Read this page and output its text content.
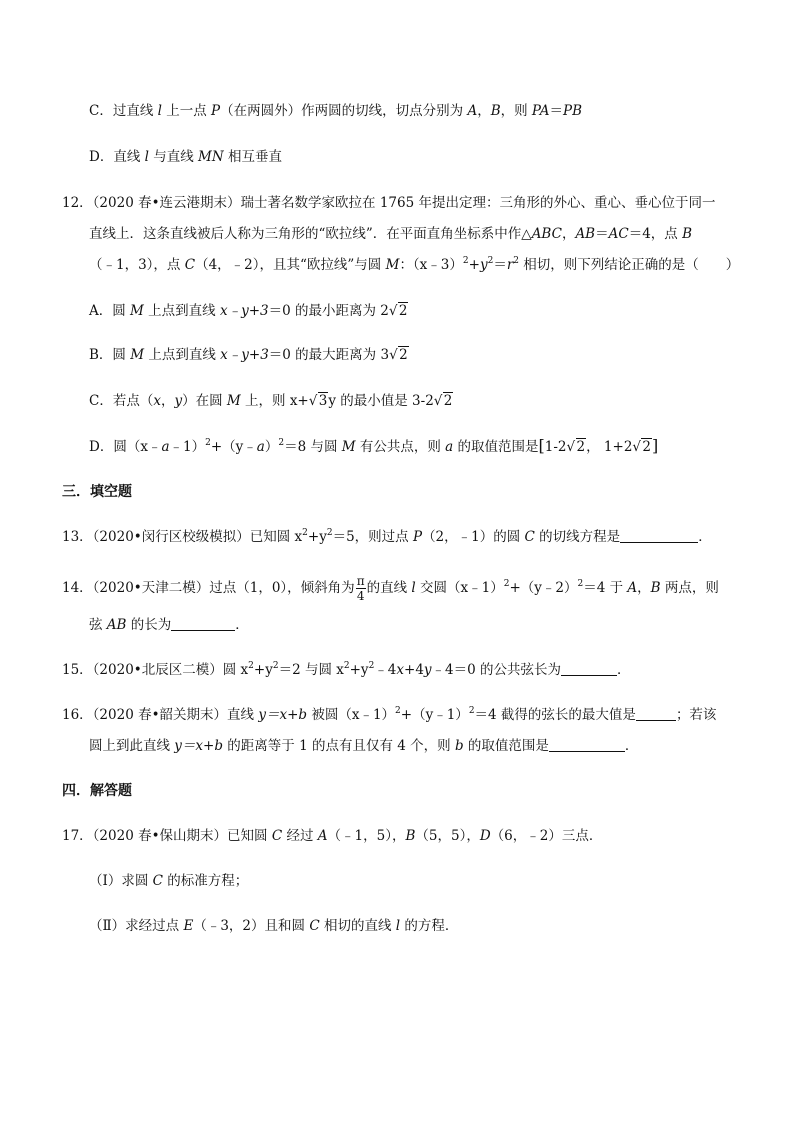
C．过直线 l 上一点 P（在两圆外）作两圆的切线，切点分别为 A，B，则 PA＝PB
D．直线 l 与直线 MN 相互垂直
12．（2020 春•连云港期末）瑞士著名数学家欧拉在 1765 年提出定理：三角形的外心、重心、垂心位于同一
直线上．这条直线被后人称为三角形的“欧拉线”．在平面直角坐标系中作△ABC，AB＝AC＝4，点 B
（﹣1，3），点 C（4，﹣2），且其“欧拉线”与圆 M：$(x﹣3)^2+y^2=r^2$ 相切，则下列结论正确的是（　　）
A．圆 M 上点到直线 x﹣y+3＝0 的最小距离为 2 √ 2
B．圆 M 上点到直线 x﹣y+3＝0 的最大距离为 3 √ 2
C．若点（x，y）在圆 M 上，则 x+ √ 3y 的最小值是 3-2 √ 2
D．圆（x﹣a﹣1）$^2$+（y﹣a）$^2$＝8 与圆 M 有公共点，则 a 的取值范围是[1-2 √ 2， 1+2 √ 2]
三．填空题
13．（2020•闵行区校级模拟）已知圆 $x^2+y^2=5$，则过点 P（2，﹣1）的圆 C 的切线方程是	．
14．（2020•天津二模）过点（1，0），倾斜角为 $\frac{\pi}{4}$ 的直线 l 交圆（x﹣1）$^2$+（y﹣2）$^2$＝4 于 A，B 两点，则
弦 AB 的长为	．
15．（2020•北辰区二模）圆 $x^2+y^2=2$ 与圆 $x^2+y^2﹣4x+4y﹣4=0$ 的公共弦长为	．
16．（2020 春•韶关期末）直线 y＝x+b 被圆（x﹣1）$^2$+（y﹣1）$^2$＝4 截得的弦长的最大值是	；若该
圆上到此直线 y＝x+b 的距离等于 1 的点有且仅有 4 个，则 b 的取值范围是	．
四．解答题
17．（2020 春•保山期末）已知圆 C 经过 A（﹣1，5），B（5，5），D（6，﹣2）三点．
（Ⅰ）求圆 C 的标准方程；
（Ⅱ）求经过点 E（﹣3，2）且和圆 C 相切的直线 l 的方程．
